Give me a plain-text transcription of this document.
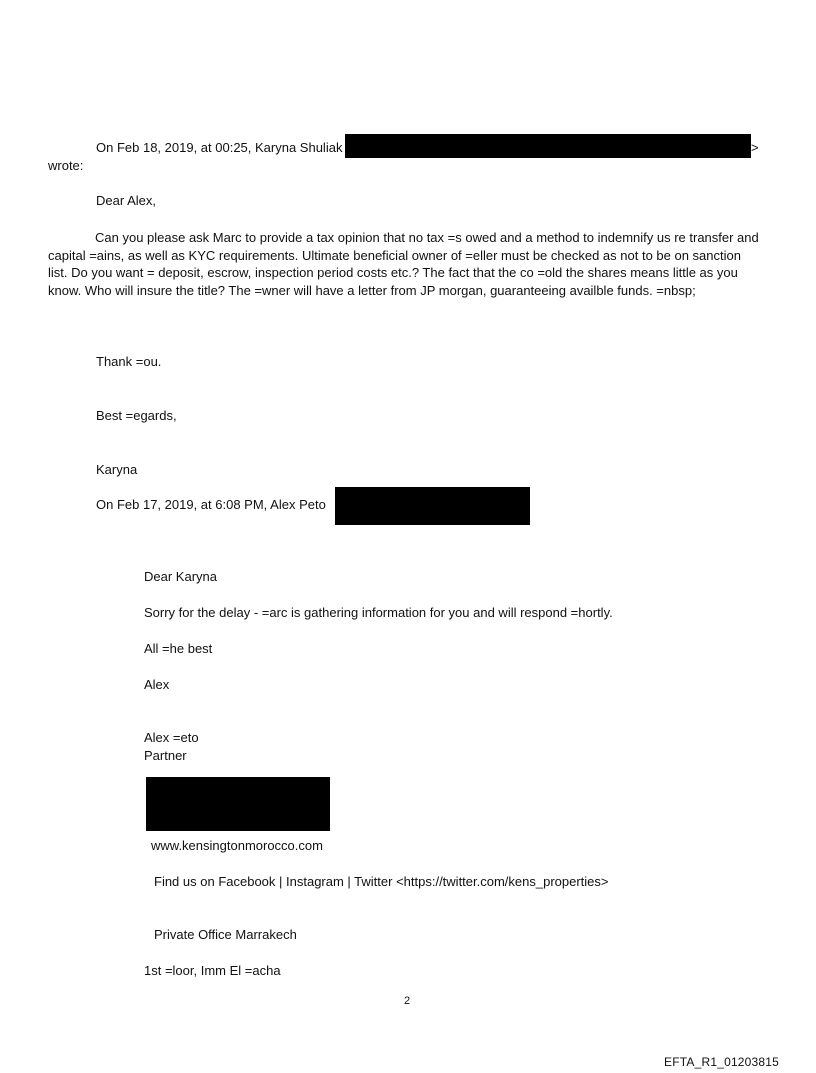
On Feb 18, 2019, at 00:25, Karyna Shuliak	>
wrote:
Dear Alex,
Can you please ask Marc to provide a tax opinion that no tax =s owed and a method to indemnify us re transfer and capital =ains, as well as KYC requirements. Ultimate beneficial owner of =eller must be checked as not to be on sanction list. Do you want = deposit, escrow, inspection period costs etc.? The fact that the co =old the shares means little as you know. Who will insure the title? The =wner will have a letter from JP morgan, guaranteeing availble funds. =nbsp;
Thank =ou.
Best =egards,
Karyna
On Feb 17, 2019, at 6:08 PM, Alex Peto
Dear Karyna
Sorry for the delay - =arc is gathering information for you and will respond =hortly.
All =he best
Alex
Alex =eto
Partner
www.kensingtonmorocco.com
Find us on Facebook | Instagram | Twitter <https://twitter.com/kens_properties>
Private Office Marrakech
1st =loor, Imm El =acha
2
EFTA_R1_01203815
